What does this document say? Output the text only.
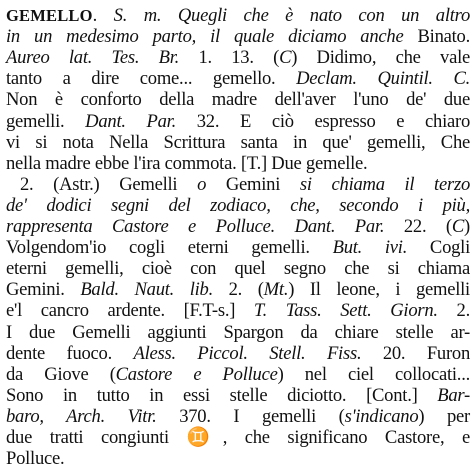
GEMELLO. S. m. Quegli che è nato con un altro
in un medesimo parto, il quale diciamo anche Binato.
Aureo lat. Tes. Br. 1. 13. (C) Didimo, che vale
tanto a dire come... gemello. Declam. Quintil. C.
Non è conforto della madre dell'aver l'uno de' due
gemelli. Dant. Par. 32. E ciò espresso e chiaro
vi si nota Nella Scrittura santa in que' gemelli, Che
nella madre ebbe l'ira commota. [T.] Due gemelle.
2. (Astr.) Gemelli o Gemini si chiama il terzo
de' dodici segni del zodiaco, che, secondo i più,
rappresenta Castore e Polluce. Dant. Par. 22. (C)
Volgendom'io cogli eterni gemelli. But. ivi. Cogli
eterni gemelli, cioè con quel segno che si chiama
Gemini. Bald. Naut. lib. 2. (Mt.) Il leone, i gemelli
e'l cancro ardente. [F.T-s.] T. Tass. Sett. Giorn. 2.
I due Gemelli aggiunti Spargon da chiare stelle ar-
dente fuoco. Aless. Piccol. Stell. Fiss. 20. Furon
da Giove (Castore e Polluce) nel ciel collocati...
Sono in tutto in essi stelle diciotto. [Cont.] Bar-
baro, Arch. Vitr. 370. I gemelli (s'indicano) per
due tratti congiunti ♊, che significano Castore, e
Polluce.
